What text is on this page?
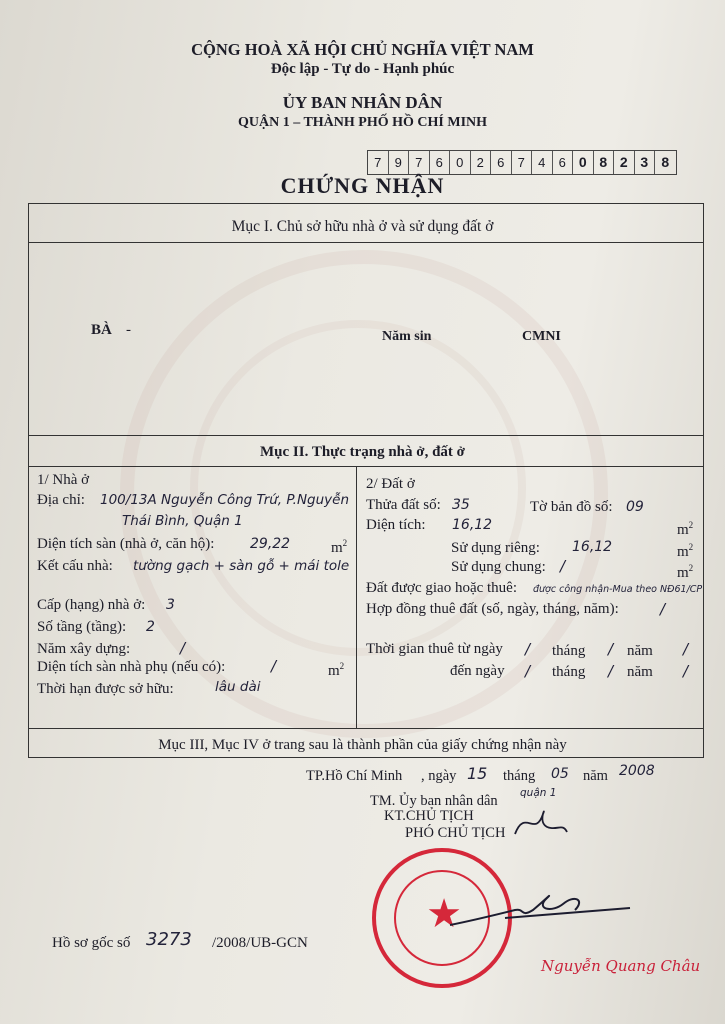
CỘNG HOÀ XÃ HỘI CHỦ NGHĨA VIỆT NAM
Độc lập - Tự do - Hạnh phúc
ỦY BAN NHÂN DÂN
QUẬN 1 – THÀNH PHỐ HỒ CHÍ MINH
7	9	7	6	0	2	6	7	4	6 0 8 2 3 8
CHỨNG NHẬN
Mục I. Chủ sở hữu nhà ở và sử dụng đất ở
BÀ -	Năm sin	CMNI
Mục II. Thực trạng nhà ở, đất ở
1/ Nhà ở
Địa chỉ: 100/13A Nguyễn Công Trứ, P.Nguyễn
Thái Bình, Quận 1
Diện tích sàn (nhà ở, căn hộ):	29,22	$m^2$
Kết cấu nhà: tường gạch + sàn gỗ + mái tole
Cấp (hạng) nhà ở: 3
Số tầng (tầng): 2
Năm xây dựng:	/
Diện tích sàn nhà phụ (nếu có):	/	$m^2$
Thời hạn được sở hữu:	lâu dài
2/ Đất ở
Thửa đất số: 35	Tờ bản đồ số: 09
Diện tích: 16,12	$m^2$
Sử dụng riêng: 16,12	$m^2$
Sử dụng chung: /	$m^2$
Đất được giao hoặc thuê: được công nhận-Mua theo NĐ61/CP
Hợp đồng thuê đất (số, ngày, tháng, năm):	/
Thời gian thuê từ ngày / tháng / năm /
đến ngày / tháng / năm /
Mục III, Mục IV ở trang sau là thành phần của giấy chứng nhận này
TP.Hồ Chí Minh , ngày 15 tháng 05 năm 2008
TM. Ủy ban nhân dân quận 1
KT.CHỦ TỊCH
PHÓ CHỦ TỊCH
Hồ sơ gốc số 3273 /2008/UB-GCN
★
Nguyễn Quang Châu
